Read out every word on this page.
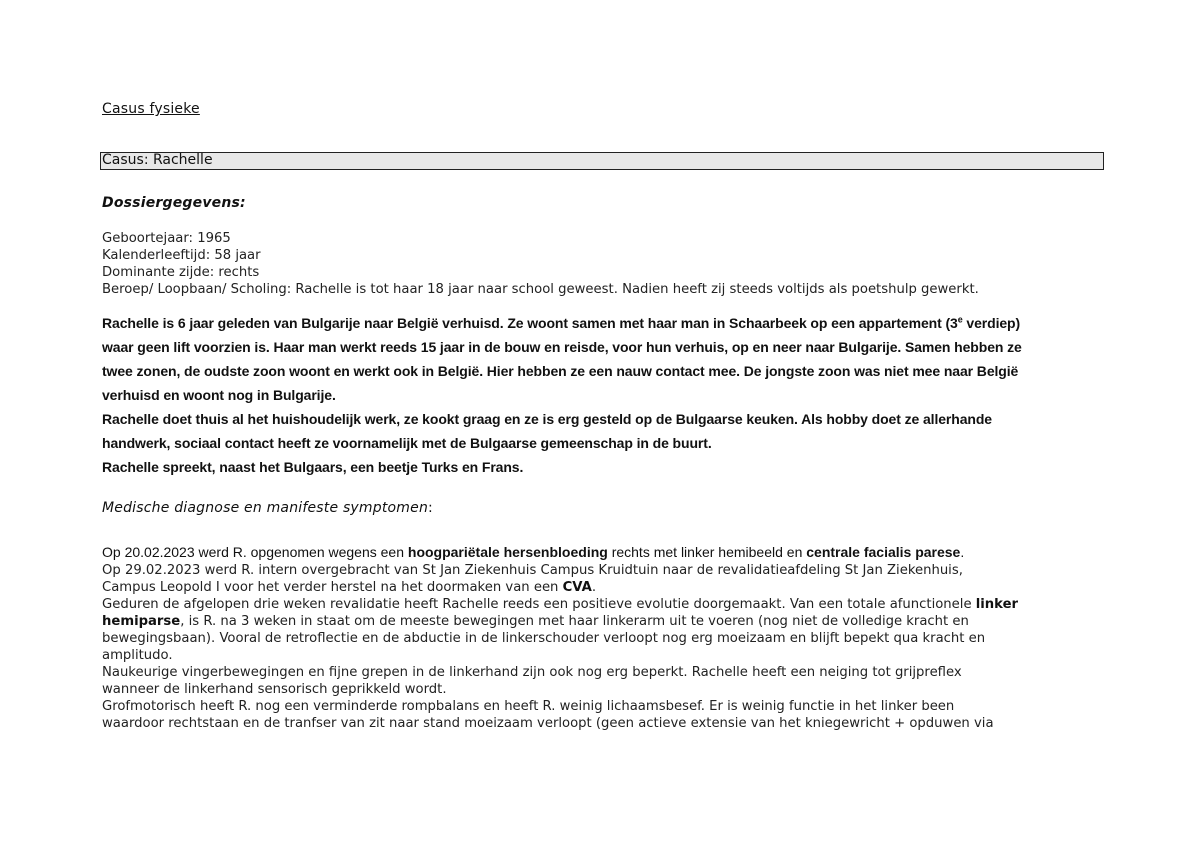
Casus fysieke

Casus: Rachelle

Dossiergegevens:

Geboortejaar: 1965
Kalenderleeftijd: 58 jaar
Dominante zijde: rechts
Beroep/ Loopbaan/ Scholing: Rachelle is tot haar 18 jaar naar school geweest. Nadien heeft zij steeds voltijds als poetshulp gewerkt.
Rachelle is 6 jaar geleden van Bulgarije naar België verhuisd. Ze woont samen met haar man in Schaarbeek op een appartement (3e verdiep)
waar geen lift voorzien is. Haar man werkt reeds 15 jaar in de bouw en reisde, voor hun verhuis, op en neer naar Bulgarije. Samen hebben ze
twee zonen, de oudste zoon woont en werkt ook in België. Hier hebben ze een nauw contact mee. De jongste zoon was niet mee naar België
verhuisd en woont nog in Bulgarije.
Rachelle doet thuis al het huishoudelijk werk, ze kookt graag en ze is erg gesteld op de Bulgaarse keuken. Als hobby doet ze allerhande
handwerk, sociaal contact heeft ze voornamelijk met de Bulgaarse gemeenschap in de buurt.
Rachelle spreekt, naast het Bulgaars, een beetje Turks en Frans.

Medische diagnose en manifeste symptomen:

Op 20.02.2023 werd R. opgenomen wegens een hoogpariëtale hersenbloeding rechts met linker hemibeeld en centrale facialis parese.
Op 29.02.2023 werd R. intern overgebracht van St Jan Ziekenhuis Campus Kruidtuin naar de revalidatieafdeling St Jan Ziekenhuis,
Campus Leopold I voor het verder herstel na het doormaken van een CVA.
Geduren de afgelopen drie weken revalidatie heeft Rachelle reeds een positieve evolutie doorgemaakt. Van een totale afunctionele linker
hemiparse, is R. na 3 weken in staat om de meeste bewegingen met haar linkerarm uit te voeren (nog niet de volledige kracht en
bewegingsbaan). Vooral de retroflectie en de abductie in de linkerschouder verloopt nog erg moeizaam en blijft bepekt qua kracht en
amplitudo.
Naukeurige vingerbewegingen en fijne grepen in de linkerhand zijn ook nog erg beperkt. Rachelle heeft een neiging tot grijpreflex
wanneer de linkerhand sensorisch geprikkeld wordt.
Grofmotorisch heeft R. nog een verminderde rompbalans en heeft R. weinig lichaamsbesef. Er is weinig functie in het linker been
waardoor rechtstaan en de tranfser van zit naar stand moeizaam verloopt (geen actieve extensie van het kniegewricht + opduwen via
